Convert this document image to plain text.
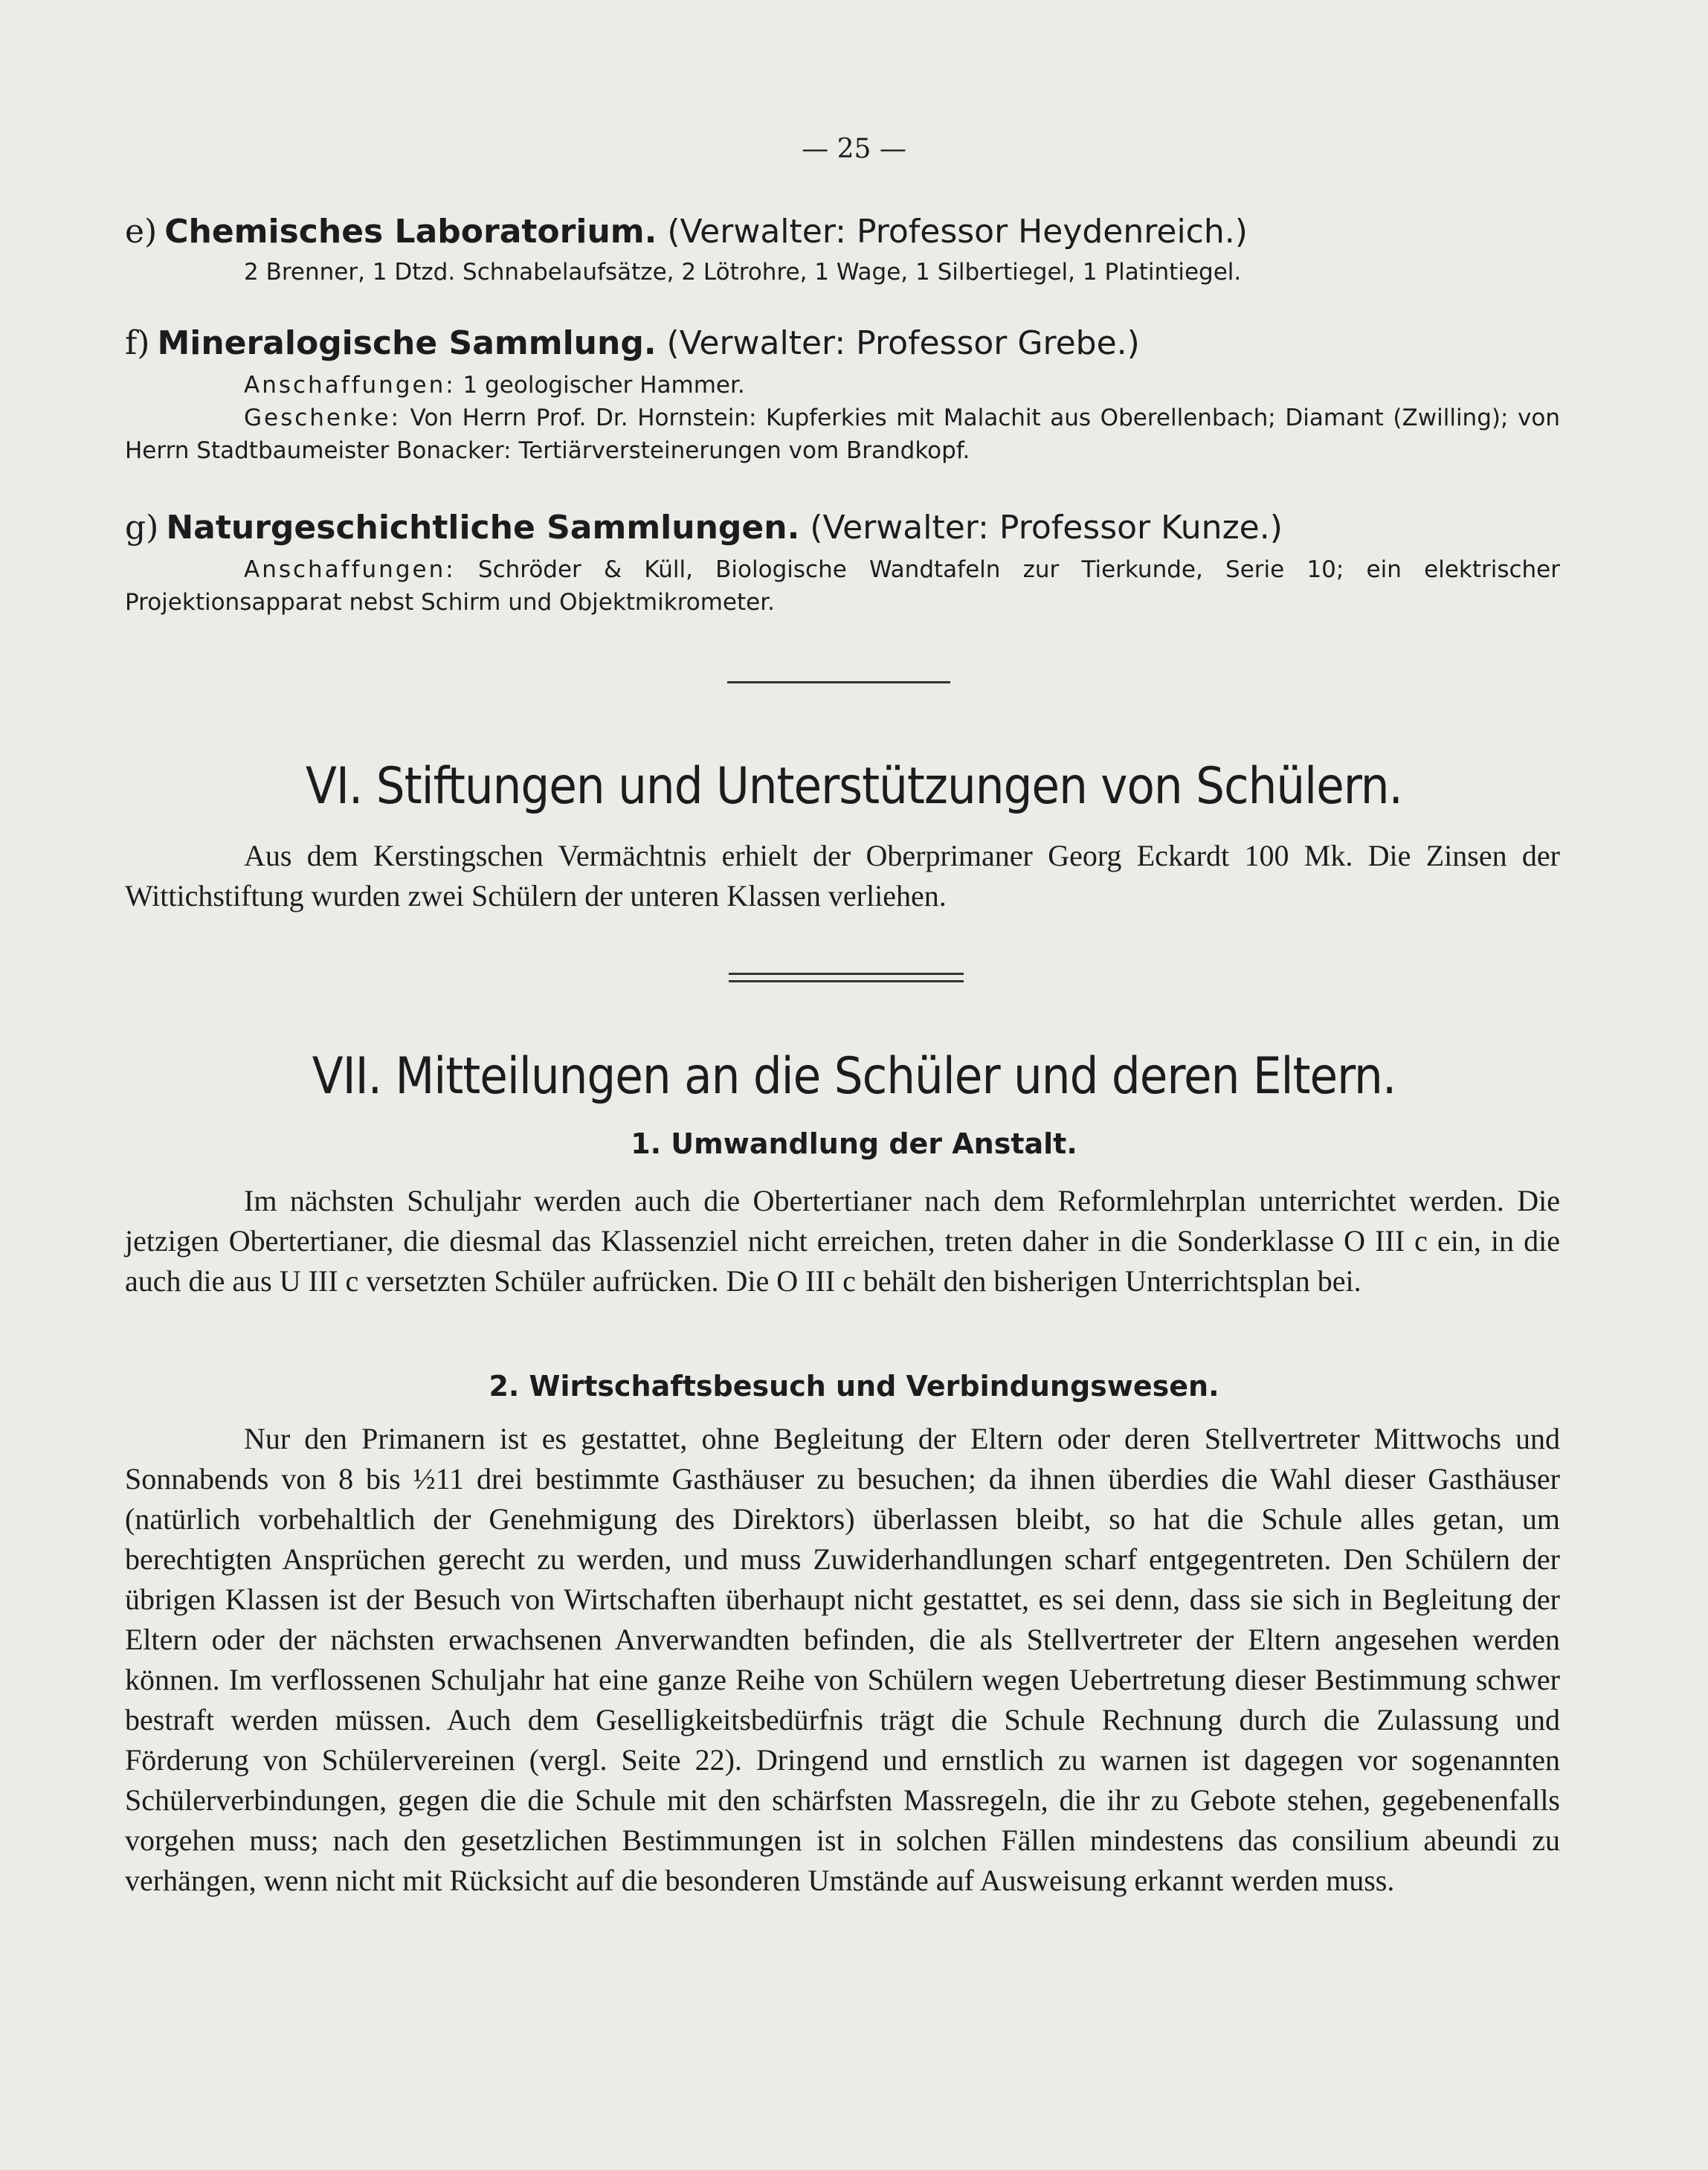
— 25 —
e) Chemisches Laboratorium. (Verwalter: Professor Heydenreich.)
2 Brenner, 1 Dtzd. Schnabelaufsätze, 2 Lötrohre, 1 Wage, 1 Silbertiegel, 1 Platintiegel.
f) Mineralogische Sammlung. (Verwalter: Professor Grebe.)
Anschaffungen: 1 geologischer Hammer.
Geschenke: Von Herrn Prof. Dr. Hornstein: Kupferkies mit Malachit aus Oberellenbach; Diamant (Zwilling); von Herrn Stadtbaumeister Bonacker: Tertiärversteinerungen vom Brandkopf.
g) Naturgeschichtliche Sammlungen. (Verwalter: Professor Kunze.)
Anschaffungen: Schröder & Küll, Biologische Wandtafeln zur Tierkunde, Serie 10; ein elektrischer Projektionsapparat nebst Schirm und Objektmikrometer.
VI. Stiftungen und Unterstützungen von Schülern.
Aus dem Kerstingschen Vermächtnis erhielt der Oberprimaner Georg Eckardt 100 Mk. Die Zinsen der Wittichstiftung wurden zwei Schülern der unteren Klassen verliehen.
VII. Mitteilungen an die Schüler und deren Eltern.
1. Umwandlung der Anstalt.
Im nächsten Schuljahr werden auch die Obertertianer nach dem Reformlehrplan unterrichtet werden. Die jetzigen Obertertianer, die diesmal das Klassenziel nicht erreichen, treten daher in die Sonderklasse O III c ein, in die auch die aus U III c versetzten Schüler aufrücken. Die O III c behält den bisherigen Unterrichtsplan bei.
2. Wirtschaftsbesuch und Verbindungswesen.
Nur den Primanern ist es gestattet, ohne Begleitung der Eltern oder deren Stellvertreter Mittwochs und Sonnabends von 8 bis ½11 drei bestimmte Gasthäuser zu besuchen; da ihnen überdies die Wahl dieser Gasthäuser (natürlich vorbehaltlich der Genehmigung des Direktors) überlassen bleibt, so hat die Schule alles getan, um berechtigten Ansprüchen gerecht zu werden, und muss Zuwiderhandlungen scharf entgegentreten. Den Schülern der übrigen Klassen ist der Besuch von Wirtschaften überhaupt nicht gestattet, es sei denn, dass sie sich in Begleitung der Eltern oder der nächsten erwachsenen Anverwandten befinden, die als Stellvertreter der Eltern angesehen werden können. Im verflossenen Schuljahr hat eine ganze Reihe von Schülern wegen Uebertretung dieser Bestimmung schwer bestraft werden müssen. Auch dem Geselligkeitsbedürfnis trägt die Schule Rechnung durch die Zulassung und Förderung von Schülervereinen (vergl. Seite 22). Dringend und ernstlich zu warnen ist dagegen vor sogenannten Schülerverbindungen, gegen die die Schule mit den schärfsten Massregeln, die ihr zu Gebote stehen, gegebenenfalls vorgehen muss; nach den gesetzlichen Bestimmungen ist in solchen Fällen mindestens das consilium abeundi zu verhängen, wenn nicht mit Rücksicht auf die besonderen Umstände auf Ausweisung erkannt werden muss.
